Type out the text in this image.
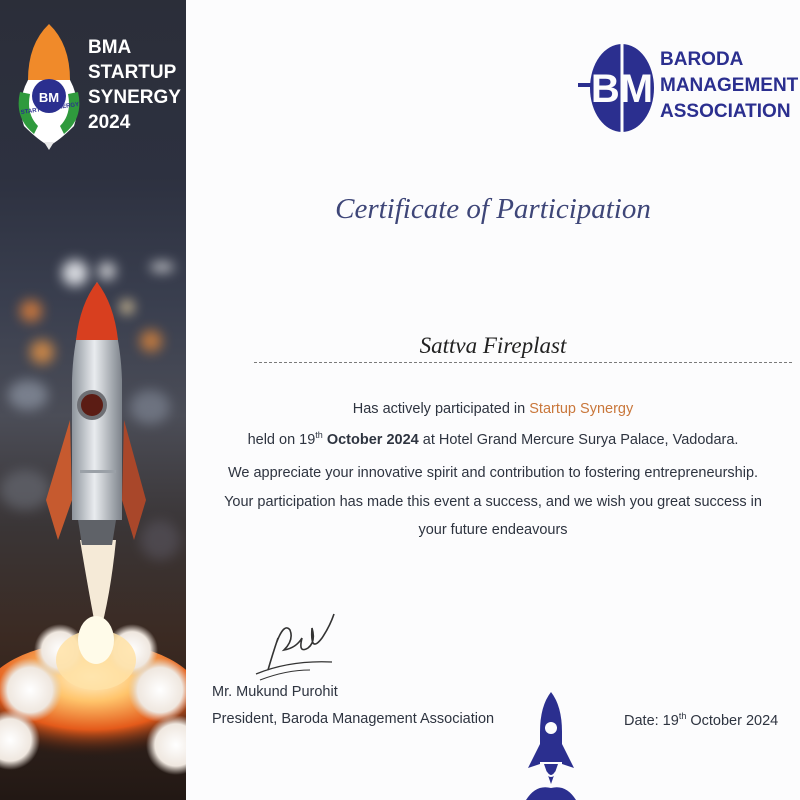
BM
STARTUP SYNERGY
BMA
STARTUP
SYNERGY
2024
BM
BARODA
MANAGEMENT
ASSOCIATION
Certificate of Participation
Sattva Fireplast
Has actively participated in Startup Synergy
held on 19th October 2024 at Hotel Grand Mercure Surya Palace, Vadodara.
We appreciate your innovative spirit and contribution to fostering entrepreneurship.
Your participation has made this event a success, and we wish you great success in
your future endeavours
Mr. Mukund Purohit
President, Baroda Management Association	Date: 19th October 2024
